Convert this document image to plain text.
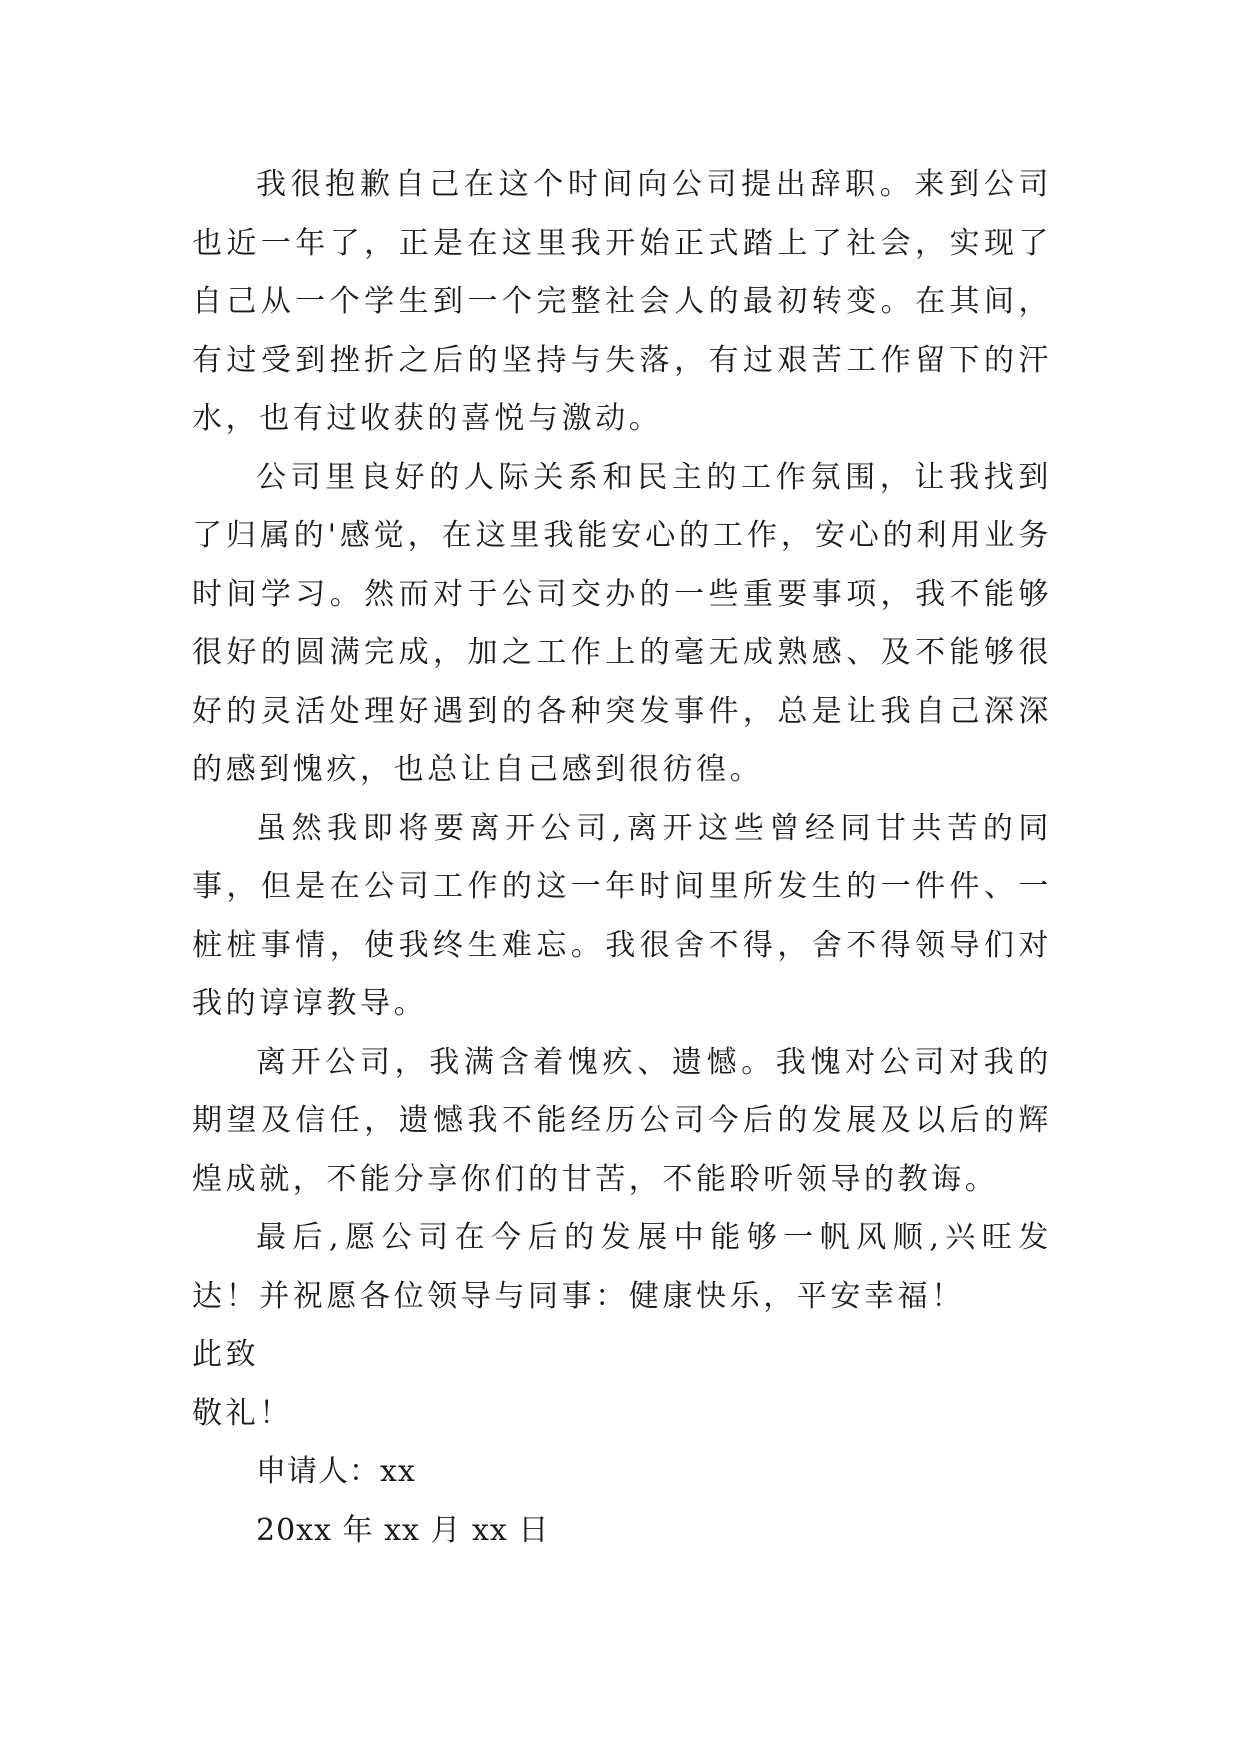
我很抱歉自己在这个时间向公司提出辞职。来到公司也近一年了，正是在这里我开始正式踏上了社会，实现了自己从一个学生到一个完整社会人的最初转变。在其间，有过受到挫折之后的坚持与失落，有过艰苦工作留下的汗水，也有过收获的喜悦与激动。

公司里良好的人际关系和民主的工作氛围，让我找到了归属的'感觉，在这里我能安心的工作，安心的利用业务时间学习。然而对于公司交办的一些重要事项，我不能够很好的圆满完成，加之工作上的毫无成熟感、及不能够很好的灵活处理好遇到的各种突发事件，总是让我自己深深的感到愧疚，也总让自己感到很彷徨。

虽然我即将要离开公司,离开这些曾经同甘共苦的同事，但是在公司工作的这一年时间里所发生的一件件、一桩桩事情，使我终生难忘。我很舍不得，舍不得领导们对我的谆谆教导。

离开公司，我满含着愧疚、遗憾。我愧对公司对我的期望及信任，遗憾我不能经历公司今后的发展及以后的辉煌成就，不能分享你们的甘苦，不能聆听领导的教诲。

最后,愿公司在今后的发展中能够一帆风顺,兴旺发达！并祝愿各位领导与同事：健康快乐，平安幸福！

此致

敬礼！

申请人：xx

20xx 年 xx 月 xx 日
